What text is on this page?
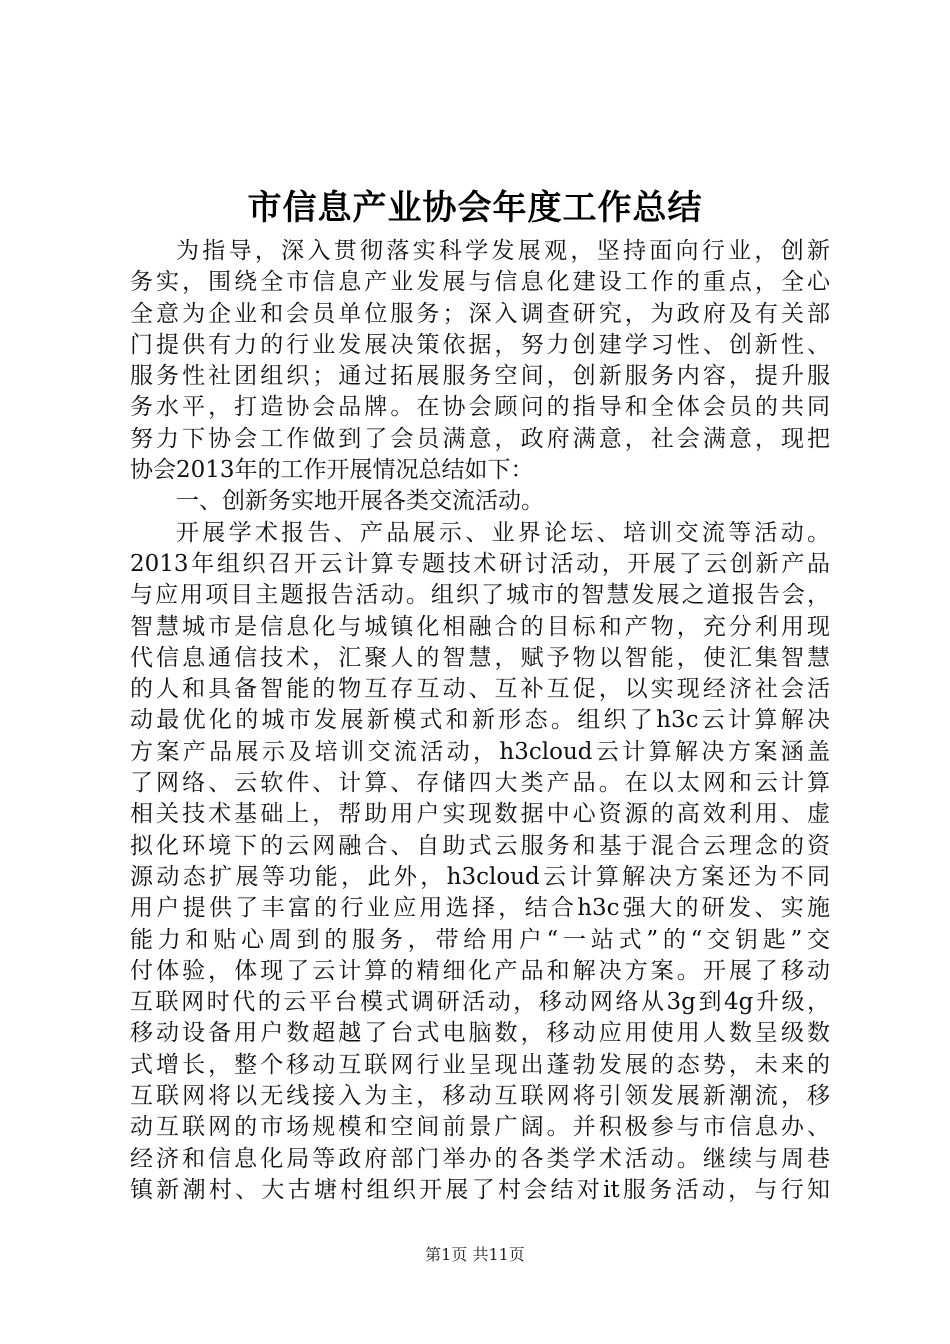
市信息产业协会年度工作总结
为指导，深入贯彻落实科学发展观，坚持面向行业，创新
务实，围绕全市信息产业发展与信息化建设工作的重点，全心
全意为企业和会员单位服务；深入调查研究，为政府及有关部
门提供有力的行业发展决策依据，努力创建学习性、创新性、
服务性社团组织；通过拓展服务空间，创新服务内容，提升服
务水平，打造协会品牌。在协会顾问的指导和全体会员的共同
努力下协会工作做到了会员满意，政府满意，社会满意，现把
协会2013年的工作开展情况总结如下：
一、创新务实地开展各类交流活动。
开展学术报告、产品展示、业界论坛、培训交流等活动。
2013年组织召开云计算专题技术研讨活动，开展了云创新产品
与应用项目主题报告活动。组织了城市的智慧发展之道报告会，
智慧城市是信息化与城镇化相融合的目标和产物，充分利用现
代信息通信技术，汇聚人的智慧，赋予物以智能，使汇集智慧
的人和具备智能的物互存互动、互补互促，以实现经济社会活
动最优化的城市发展新模式和新形态。组织了h3c云计算解决
方案产品展示及培训交流活动，h3cloud云计算解决方案涵盖
了网络、云软件、计算、存储四大类产品。在以太网和云计算
相关技术基础上，帮助用户实现数据中心资源的高效利用、虚
拟化环境下的云网融合、自助式云服务和基于混合云理念的资
源动态扩展等功能，此外，h3cloud云计算解决方案还为不同
用户提供了丰富的行业应用选择，结合h3c强大的研发、实施
能力和贴心周到的服务，带给用户“一站式”的“交钥匙”交
付体验，体现了云计算的精细化产品和解决方案。开展了移动
互联网时代的云平台模式调研活动，移动网络从3g到4g升级，
移动设备用户数超越了台式电脑数，移动应用使用人数呈级数
式增长，整个移动互联网行业呈现出蓬勃发展的态势，未来的
互联网将以无线接入为主，移动互联网将引领发展新潮流，移
动互联网的市场规模和空间前景广阔。并积极参与市信息办、
经济和信息化局等政府部门举办的各类学术活动。继续与周巷
镇新潮村、大古塘村组织开展了村会结对it服务活动，与行知
第1页 共11页
